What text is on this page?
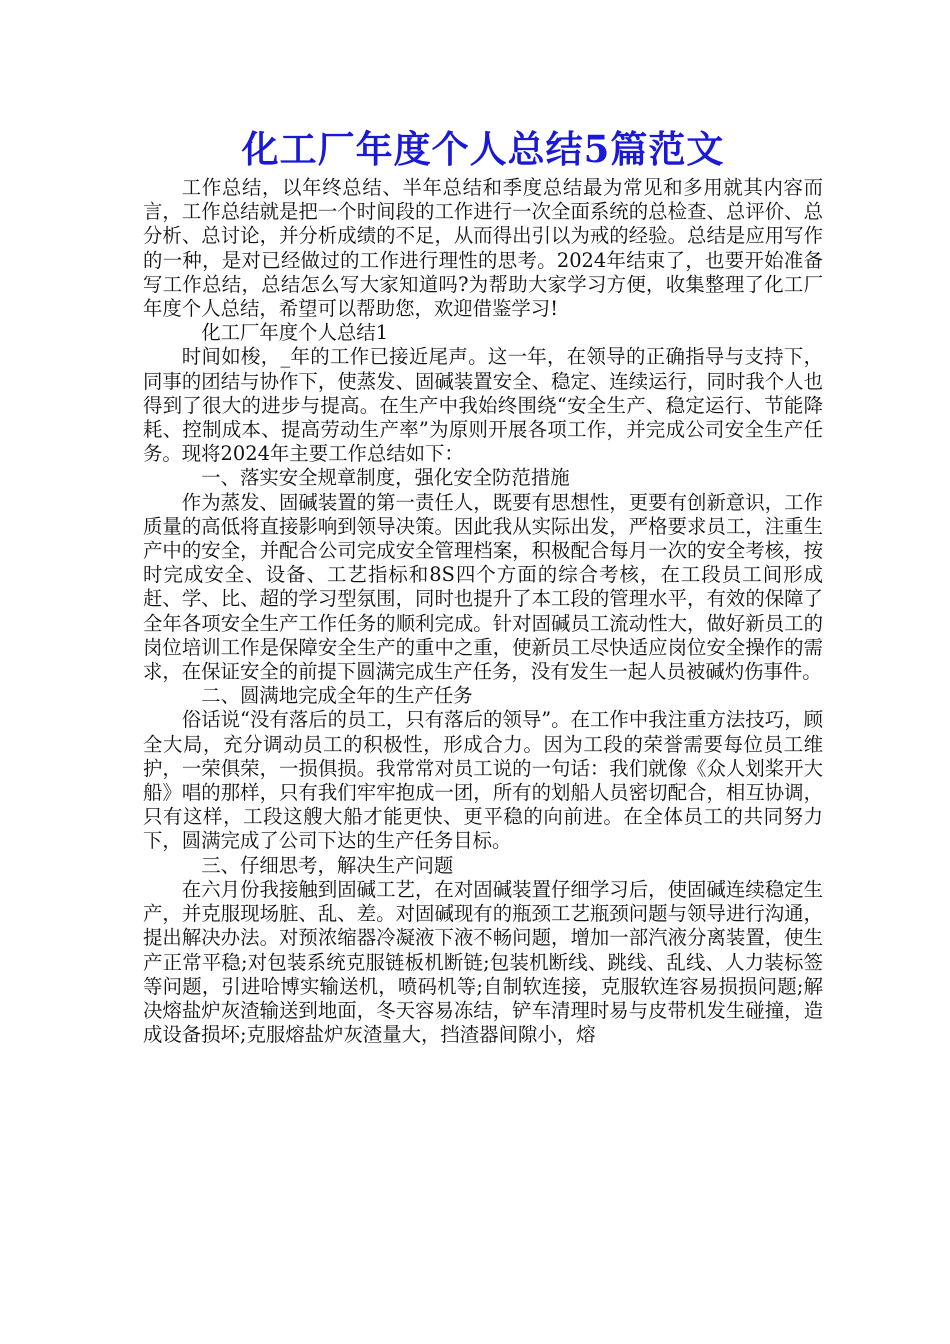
化工厂年度个人总结5篇范文

工作总结，以年终总结、半年总结和季度总结最为常见和多用就其内容而言，工作总结就是把一个时间段的工作进行一次全面系统的总检查、总评价、总分析、总讨论，并分析成绩的不足，从而得出引以为戒的经验。总结是应用写作的一种，是对已经做过的工作进行理性的思考。2024年结束了，也要开始准备写工作总结，总结怎么写大家知道吗?为帮助大家学习方便，收集整理了化工厂年度个人总结，希望可以帮助您，欢迎借鉴学习!

化工厂年度个人总结1

时间如梭，_年的工作已接近尾声。这一年，在领导的正确指导与支持下，同事的团结与协作下，使蒸发、固碱装置安全、稳定、连续运行，同时我个人也得到了很大的进步与提高。在生产中我始终围绕“安全生产、稳定运行、节能降耗、控制成本、提高劳动生产率”为原则开展各项工作，并完成公司安全生产任务。现将2024年主要工作总结如下：

一、落实安全规章制度，强化安全防范措施

作为蒸发、固碱装置的第一责任人，既要有思想性，更要有创新意识，工作质量的高低将直接影响到领导决策。因此我从实际出发，严格要求员工，注重生产中的安全，并配合公司完成安全管理档案，积极配合每月一次的安全考核，按时完成安全、设备、工艺指标和8S四个方面的综合考核，在工段员工间形成赶、学、比、超的学习型氛围，同时也提升了本工段的管理水平，有效的保障了全年各项安全生产工作任务的顺利完成。针对固碱员工流动性大，做好新员工的岗位培训工作是保障安全生产的重中之重，使新员工尽快适应岗位安全操作的需求，在保证安全的前提下圆满完成生产任务，没有发生一起人员被碱灼伤事件。

二、圆满地完成全年的生产任务

俗话说“没有落后的员工，只有落后的领导”。在工作中我注重方法技巧，顾全大局，充分调动员工的积极性，形成合力。因为工段的荣誉需要每位员工维护，一荣俱荣，一损俱损。我常常对员工说的一句话：我们就像《众人划桨开大船》唱的那样，只有我们牢牢抱成一团，所有的划船人员密切配合，相互协调，只有这样，工段这艘大船才能更快、更平稳的向前进。在全体员工的共同努力下，圆满完成了公司下达的生产任务目标。

三、仔细思考，解决生产问题

在六月份我接触到固碱工艺，在对固碱装置仔细学习后，使固碱连续稳定生产，并克服现场脏、乱、差。对固碱现有的瓶颈工艺瓶颈问题与领导进行沟通，提出解决办法。对预浓缩器冷凝液下液不畅问题，增加一部汽液分离装置，使生产正常平稳;对包装系统克服链板机断链;包装机断线、跳线、乱线、人力装标签等问题，引进哈博实输送机，喷码机等;自制软连接，克服软连容易损损问题;解决熔盐炉灰渣输送到地面，冬天容易冻结，铲车清理时易与皮带机发生碰撞，造成设备损坏;克服熔盐炉灰渣量大，挡渣器间隙小，熔
